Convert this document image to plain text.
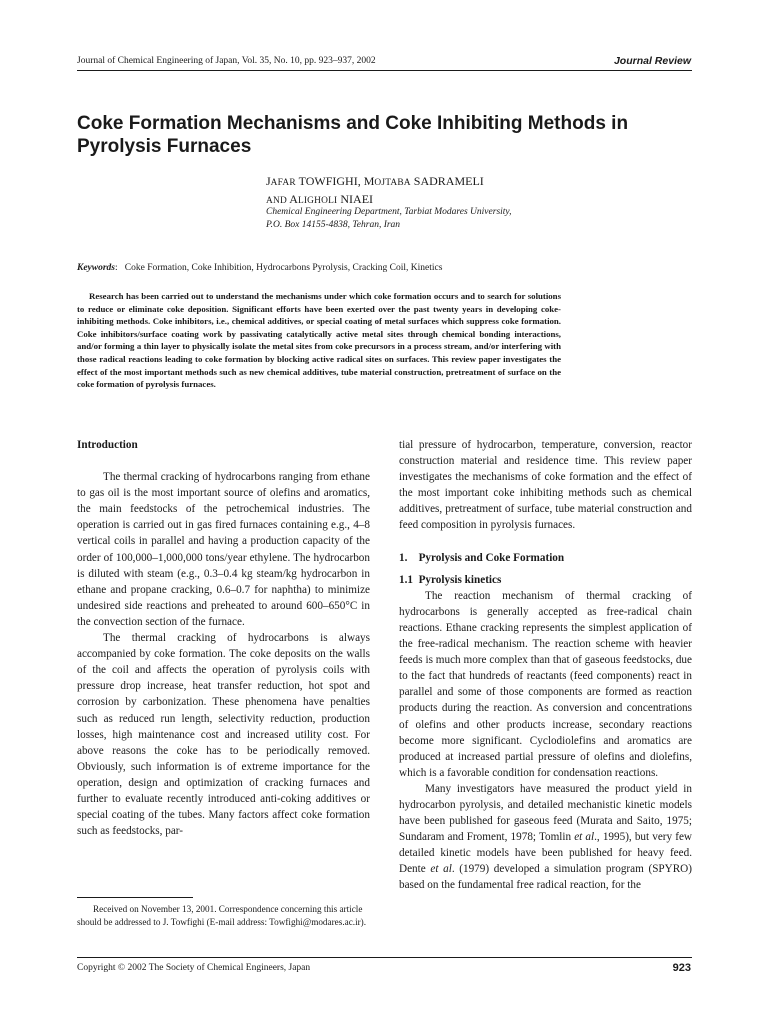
Journal of Chemical Engineering of Japan, Vol. 35, No. 10, pp. 923–937, 2002	Journal Review
Coke Formation Mechanisms and Coke Inhibiting Methods in
Pyrolysis Furnaces
JAFAR TOWFIGHI, MOJTABA SADRAMELI
AND ALIGHOLI NIAEI
Chemical Engineering Department, Tarbiat Modares University,
P.O. Box 14155-4838, Tehran, Iran
Keywords: Coke Formation, Coke Inhibition, Hydrocarbons Pyrolysis, Cracking Coil, Kinetics
Research has been carried out to understand the mechanisms under which coke formation occurs and to search for solutions to reduce or eliminate coke deposition. Significant efforts have been exerted over the past twenty years in developing coke-inhibiting methods. Coke inhibitors, i.e., chemical additives, or special coating of metal surfaces which suppress coke formation. Coke inhibitors/surface coating work by passivating catalytically active metal sites through chemical bonding interactions, and/or forming a thin layer to physically isolate the metal sites from coke precursors in a process stream, and/or interfering with those radical reactions leading to coke formation by blocking active radical sites on surfaces. This review paper investigates the effect of the most important methods such as new chemical additives, tube material construction, pretreatment of surface on the coke formation of pyrolysis furnaces.
Introduction

The thermal cracking of hydrocarbons ranging from ethane to gas oil is the most important source of olefins and aromatics, the main feedstocks of the petrochemical industries. The operation is carried out in gas fired furnaces containing e.g., 4–8 vertical coils in parallel and having a production capacity of the order of 100,000–1,000,000 tons/year ethylene. The hydrocarbon is diluted with steam (e.g., 0.3–0.4 kg steam/kg hydrocarbon in ethane and propane cracking, 0.6–0.7 for naphtha) to minimize undesired side reactions and preheated to around 600–650°C in the convection section of the furnace.

The thermal cracking of hydrocarbons is always accompanied by coke formation. The coke deposits on the walls of the coil and affects the operation of pyrolysis coils with pressure drop increase, heat transfer reduction, hot spot and corrosion by carbonization. These phenomena have penalties such as reduced run length, selectivity reduction, production losses, high maintenance cost and increased utility cost. For above reasons the coke has to be periodically removed. Obviously, such information is of extreme importance for the operation, design and optimization of cracking furnaces and further to evaluate recently introduced anti-coking additives or special coating of the tubes. Many factors affect coke formation such as feedstocks, par-

tial pressure of hydrocarbon, temperature, conversion, reactor construction material and residence time. This review paper investigates the mechanisms of coke formation and the effect of the most important coke inhibiting methods such as chemical additives, pretreatment of surface, tube material construction and feed composition in pyrolysis furnaces.

1.    Pyrolysis and Coke Formation
1.1  Pyrolysis kinetics

The reaction mechanism of thermal cracking of hydrocarbons is generally accepted as free-radical chain reactions. Ethane cracking represents the simplest application of the free-radical mechanism. The reaction scheme with heavier feeds is much more complex than that of gaseous feedstocks, due to the fact that hundreds of reactants (feed components) react in parallel and some of those components are formed as reaction products during the reaction. As conversion and concentrations of olefins and other products increase, secondary reactions become more significant. Cyclodiolefins and aromatics are produced at increased partial pressure of olefins and diolefins, which is a favorable condition for condensation reactions.

Many investigators have measured the product yield in hydrocarbon pyrolysis, and detailed mechanistic kinetic models have been published for gaseous feed (Murata and Saito, 1975; Sundaram and Froment, 1978; Tomlin et al., 1995), but very few detailed kinetic models have been published for heavy feed. Dente et al. (1979) developed a simulation program (SPYRO) based on the fundamental free radical reaction, for the

Received on November 13, 2001. Correspondence concerning this article should be addressed to J. Towfighi (E-mail address: Towfighi@modares.ac.ir).

Copyright © 2002 The Society of Chemical Engineers, Japan	923
